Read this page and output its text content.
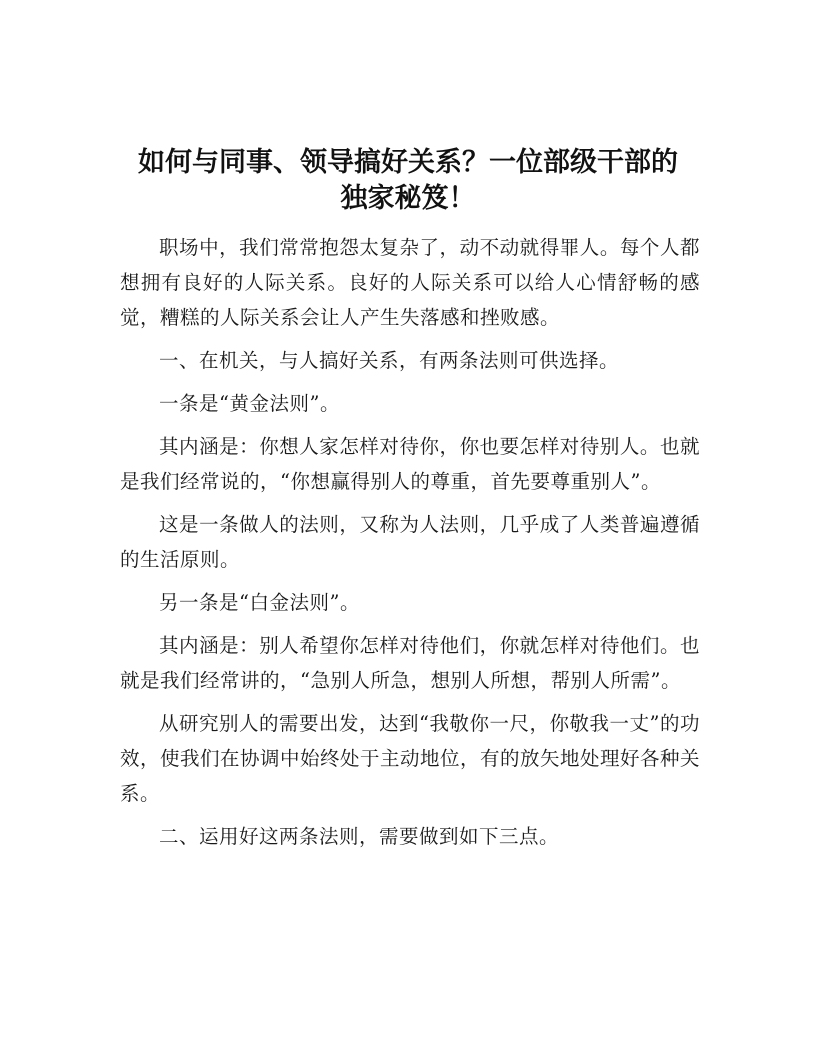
如何与同事、领导搞好关系？一位部级干部的
独家秘笈！

职场中，我们常常抱怨太复杂了，动不动就得罪人。每个人都想拥有良好的人际关系。良好的人际关系可以给人心情舒畅的感觉，糟糕的人际关系会让人产生失落感和挫败感。

一、在机关，与人搞好关系，有两条法则可供选择。

一条是“黄金法则”。

其内涵是：你想人家怎样对待你，你也要怎样对待别人。也就是我们经常说的，“你想赢得别人的尊重，首先要尊重别人”。

这是一条做人的法则，又称为人法则，几乎成了人类普遍遵循的生活原则。

另一条是“白金法则”。

其内涵是：别人希望你怎样对待他们，你就怎样对待他们。也就是我们经常讲的，“急别人所急，想别人所想，帮别人所需”。

从研究别人的需要出发，达到“我敬你一尺，你敬我一丈”的功效，使我们在协调中始终处于主动地位，有的放矢地处理好各种关系。

二、运用好这两条法则，需要做到如下三点。
